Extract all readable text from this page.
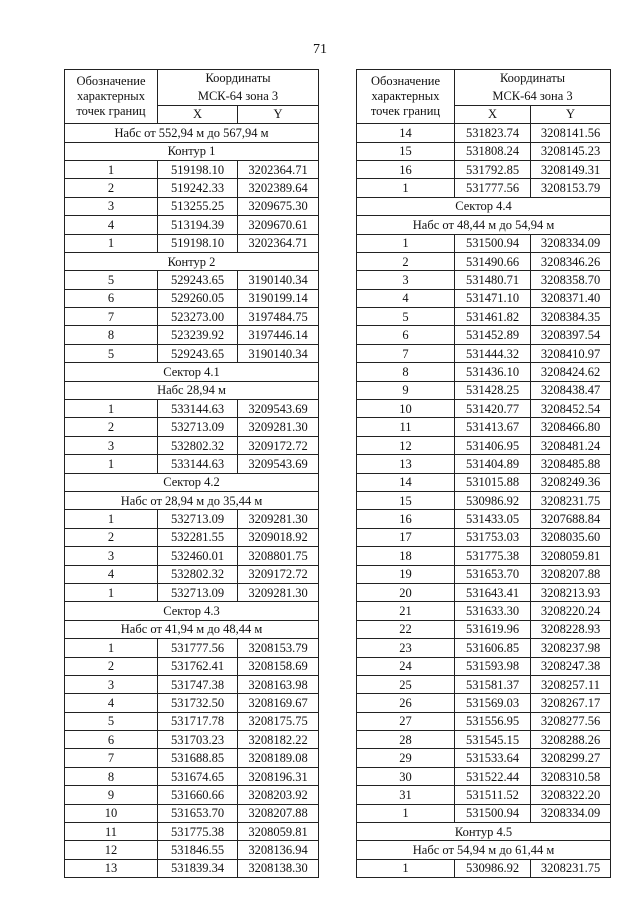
71
Обозначение
характерных
точек границ	Координаты	
	МСК-64 зона 3	
	X	Y
Набс от 552,94 м до 567,94 м		
Контур 1		
1	519198.10	3202364.71
2	519242.33	3202389.64
3	513255.25	3209675.30
4	513194.39	3209670.61
1	519198.10	3202364.71
Контур 2		
5	529243.65	3190140.34
6	529260.05	3190199.14
7	523273.00	3197484.75
8	523239.92	3197446.14
5	529243.65	3190140.34
Сектор 4.1		
Набс 28,94 м		
1	533144.63	3209543.69
2	532713.09	3209281.30
3	532802.32	3209172.72
1	533144.63	3209543.69
Сектор 4.2		
Набс от 28,94 м до 35,44 м		
1	532713.09	3209281.30
2	532281.55	3209018.92
3	532460.01	3208801.75
4	532802.32	3209172.72
1	532713.09	3209281.30
Сектор 4.3		
Набс от 41,94 м до 48,44 м		
1	531777.56	3208153.79
2	531762.41	3208158.69
3	531747.38	3208163.98
4	531732.50	3208169.67
5	531717.78	3208175.75
6	531703.23	3208182.22
7	531688.85	3208189.08
8	531674.65	3208196.31
9	531660.66	3208203.92
10	531653.70	3208207.88
11	531775.38	3208059.81
12	531846.55	3208136.94
13	531839.34	3208138.30
Обозначение
характерных
точек границ	Координаты	
	МСК-64 зона 3	
	X	Y
14	531823.74	3208141.56
15	531808.24	3208145.23
16	531792.85	3208149.31
1	531777.56	3208153.79
Сектор 4.4		
Набс от 48,44 м до 54,94 м		
1	531500.94	3208334.09
2	531490.66	3208346.26
3	531480.71	3208358.70
4	531471.10	3208371.40
5	531461.82	3208384.35
6	531452.89	3208397.54
7	531444.32	3208410.97
8	531436.10	3208424.62
9	531428.25	3208438.47
10	531420.77	3208452.54
11	531413.67	3208466.80
12	531406.95	3208481.24
13	531404.89	3208485.88
14	531015.88	3208249.36
15	530986.92	3208231.75
16	531433.05	3207688.84
17	531753.03	3208035.60
18	531775.38	3208059.81
19	531653.70	3208207.88
20	531643.41	3208213.93
21	531633.30	3208220.24
22	531619.96	3208228.93
23	531606.85	3208237.98
24	531593.98	3208247.38
25	531581.37	3208257.11
26	531569.03	3208267.17
27	531556.95	3208277.56
28	531545.15	3208288.26
29	531533.64	3208299.27
30	531522.44	3208310.58
31	531511.52	3208322.20
1	531500.94	3208334.09
Контур 4.5		
Набс от 54,94 м до 61,44 м		
1	530986.92	3208231.75
